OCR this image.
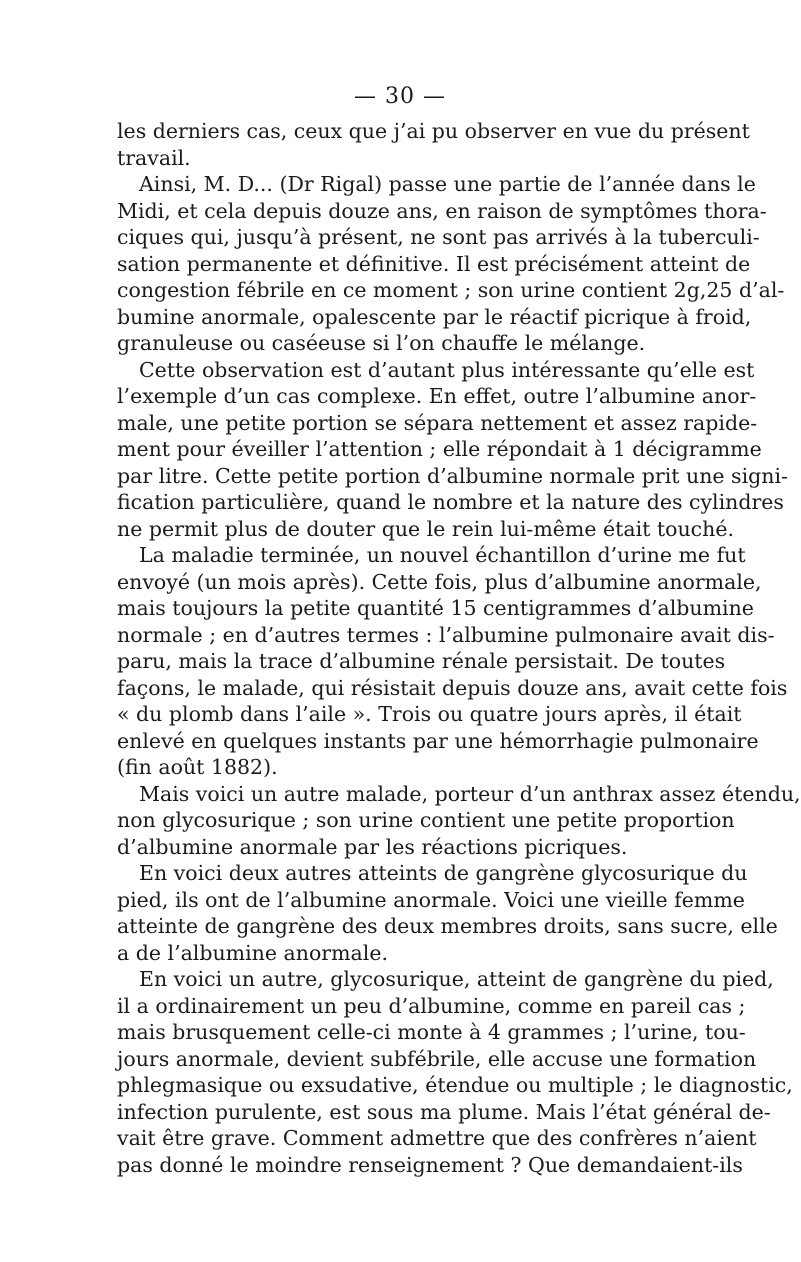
— 30 —
les derniers cas, ceux que j’ai pu observer en vue du présent
travail.
Ainsi, M. D... (Dr Rigal) passe une partie de l’année dans le
Midi, et cela depuis douze ans, en raison de symptômes thora-
ciques qui, jusqu’à présent, ne sont pas arrivés à la tuberculi-
sation permanente et définitive. Il est précisément atteint de
congestion fébrile en ce moment ; son urine contient 2g,25 d’al-
bumine anormale, opalescente par le réactif picrique à froid,
granuleuse ou caséeuse si l’on chauffe le mélange.
Cette observation est d’autant plus intéressante qu’elle est
l’exemple d’un cas complexe. En effet, outre l’albumine anor-
male, une petite portion se sépara nettement et assez rapide-
ment pour éveiller l’attention ; elle répondait à 1 décigramme
par litre. Cette petite portion d’albumine normale prit une signi-
fication particulière, quand le nombre et la nature des cylindres
ne permit plus de douter que le rein lui-même était touché.
La maladie terminée, un nouvel échantillon d’urine me fut
envoyé (un mois après). Cette fois, plus d’albumine anormale,
mais toujours la petite quantité 15 centigrammes d’albumine
normale ; en d’autres termes : l’albumine pulmonaire avait dis-
paru, mais la trace d’albumine rénale persistait. De toutes
façons, le malade, qui résistait depuis douze ans, avait cette fois
« du plomb dans l’aile ». Trois ou quatre jours après, il était
enlevé en quelques instants par une hémorrhagie pulmonaire
(fin août 1882).
Mais voici un autre malade, porteur d’un anthrax assez étendu,
non glycosurique ; son urine contient une petite proportion
d’albumine anormale par les réactions picriques.
En voici deux autres atteints de gangrène glycosurique du
pied, ils ont de l’albumine anormale. Voici une vieille femme
atteinte de gangrène des deux membres droits, sans sucre, elle
a de l’albumine anormale.
En voici un autre, glycosurique, atteint de gangrène du pied,
il a ordinairement un peu d’albumine, comme en pareil cas ;
mais brusquement celle-ci monte à 4 grammes ; l’urine, tou-
jours anormale, devient subfébrile, elle accuse une formation
phlegmasique ou exsudative, étendue ou multiple ; le diagnostic,
infection purulente, est sous ma plume. Mais l’état général de-
vait être grave. Comment admettre que des confrères n’aient
pas donné le moindre renseignement ? Que demandaient-ils
